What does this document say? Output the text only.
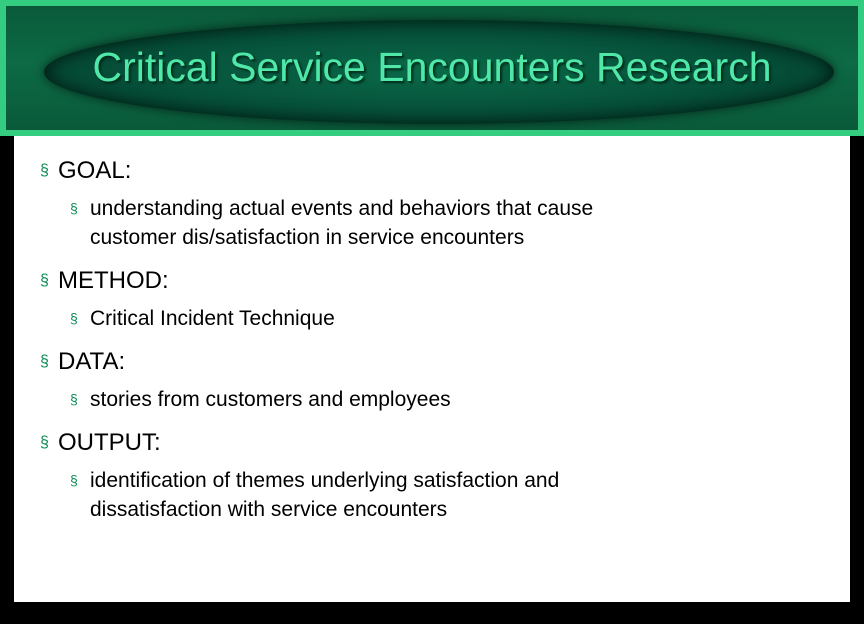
Critical Service Encounters Research
§ GOAL:
§ understanding actual events and behaviors that cause
customer dis/satisfaction in service encounters
§ METHOD:
§ Critical Incident Technique
§ DATA:
§ stories from customers and employees
§ OUTPUT:
§ identification of themes underlying satisfaction and
dissatisfaction with service encounters
McGraw-Hill/Irwin	© 2006 The McGraw-Hill Companies, Inc. All rights reserved.
